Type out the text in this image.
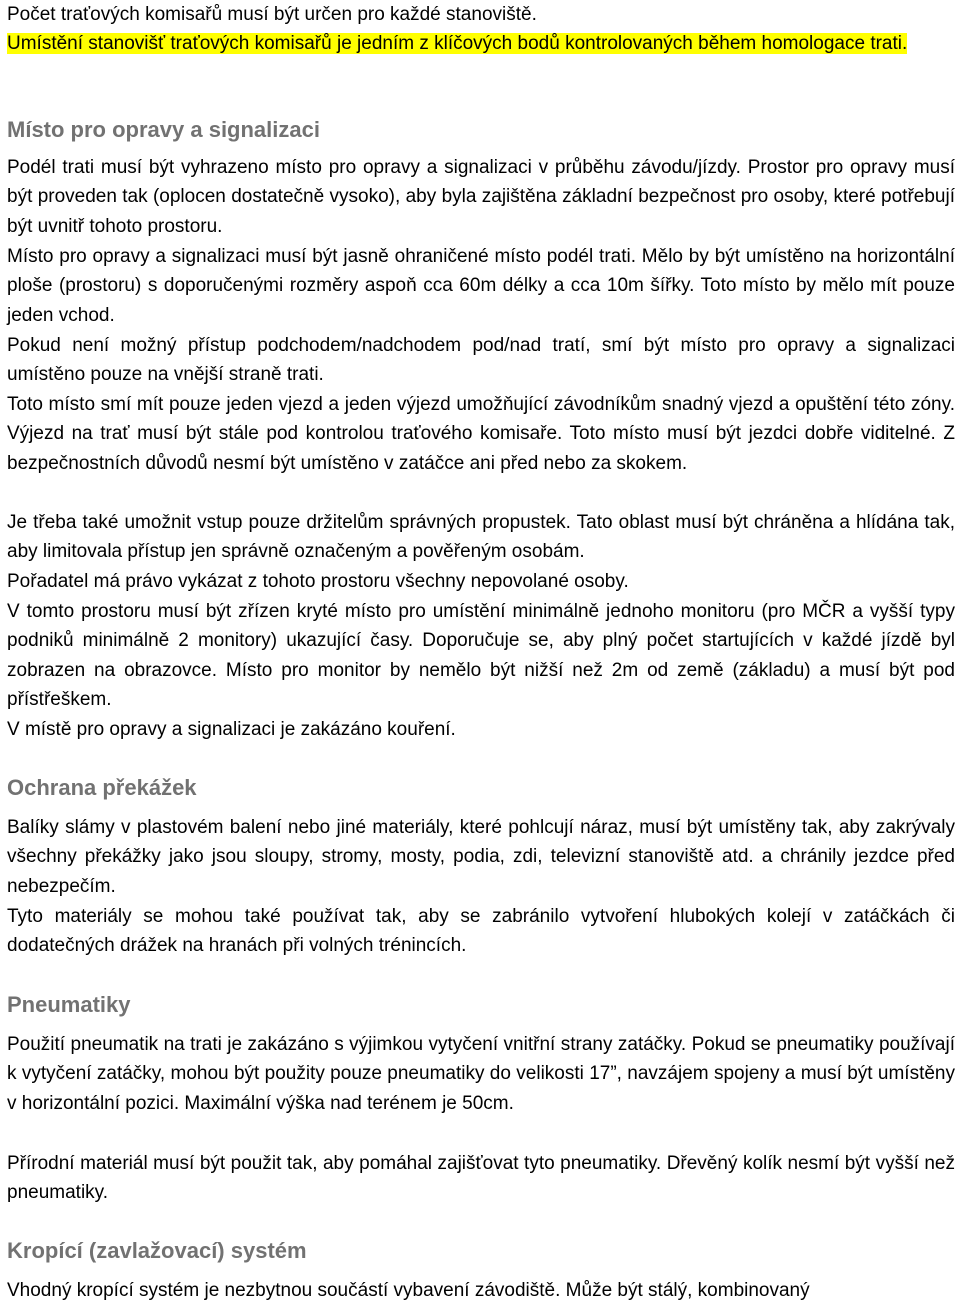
Počet traťových komisařů musí být určen pro každé stanoviště.

Umístění stanovišť traťových komisařů je jedním z klíčových bodů kontrolovaných během homologace trati.

Místo pro opravy a signalizaci

Podél trati musí být vyhrazeno místo pro opravy a signalizaci v průběhu závodu/jízdy. Prostor pro opravy musí být proveden tak (oplocen dostatečně vysoko), aby byla zajištěna základní bezpečnost pro osoby, které potřebují být uvnitř tohoto prostoru.

Místo pro opravy a signalizaci musí být jasně ohraničené místo podél trati. Mělo by být umístěno na horizontální ploše (prostoru) s doporučenými rozměry aspoň cca 60m délky a cca 10m šířky. Toto místo by mělo mít pouze jeden vchod.

Pokud není možný přístup podchodem/nadchodem pod/nad tratí, smí být místo pro opravy a signalizaci umístěno pouze na vnější straně trati.

Toto místo smí mít pouze jeden vjezd a jeden výjezd umožňující závodníkům snadný vjezd a opuštění této zóny. Výjezd na trať musí být stále pod kontrolou traťového komisaře. Toto místo musí být jezdci dobře viditelné. Z bezpečnostních důvodů nesmí být umístěno v zatáčce ani před nebo za skokem.

Je třeba také umožnit vstup pouze držitelům správných propustek. Tato oblast musí být chráněna a hlídána tak, aby limitovala přístup jen správně označeným a pověřeným osobám.

Pořadatel má právo vykázat z tohoto prostoru všechny nepovolané osoby.

V tomto prostoru musí být zřízen kryté místo pro umístění minimálně jednoho monitoru (pro MČR a vyšší typy podniků minimálně 2 monitory) ukazující časy. Doporučuje se, aby plný počet startujících v každé jízdě byl zobrazen na obrazovce. Místo pro monitor by nemělo být nižší než 2m od země (základu) a musí být pod přístřeškem.

V místě pro opravy a signalizaci je zakázáno kouření.

Ochrana překážek

Balíky slámy v plastovém balení nebo jiné materiály, které pohlcují náraz, musí být umístěny tak, aby zakrývaly všechny překážky jako jsou sloupy, stromy, mosty, podia, zdi, televizní stanoviště atd. a chránily jezdce před nebezpečím.

Tyto materiály se mohou také používat tak, aby se zabránilo vytvoření hlubokých kolejí v zatáčkách či dodatečných drážek na hranách při volných trénincích.

Pneumatiky

Použití pneumatik na trati je zakázáno s výjimkou vytyčení vnitřní strany zatáčky. Pokud se pneumatiky používají k vytyčení zatáčky, mohou být použity pouze pneumatiky do velikosti 17”, navzájem spojeny a musí být umístěny v horizontální pozici. Maximální výška nad terénem je 50cm.

Přírodní materiál musí být použit tak, aby pomáhal zajišťovat tyto pneumatiky. Dřevěný kolík nesmí být vyšší než pneumatiky.

Kropící (zavlažovací) systém

Vhodný kropící systém je nezbytnou součástí vybavení závodiště. Může být stálý, kombinovaný
